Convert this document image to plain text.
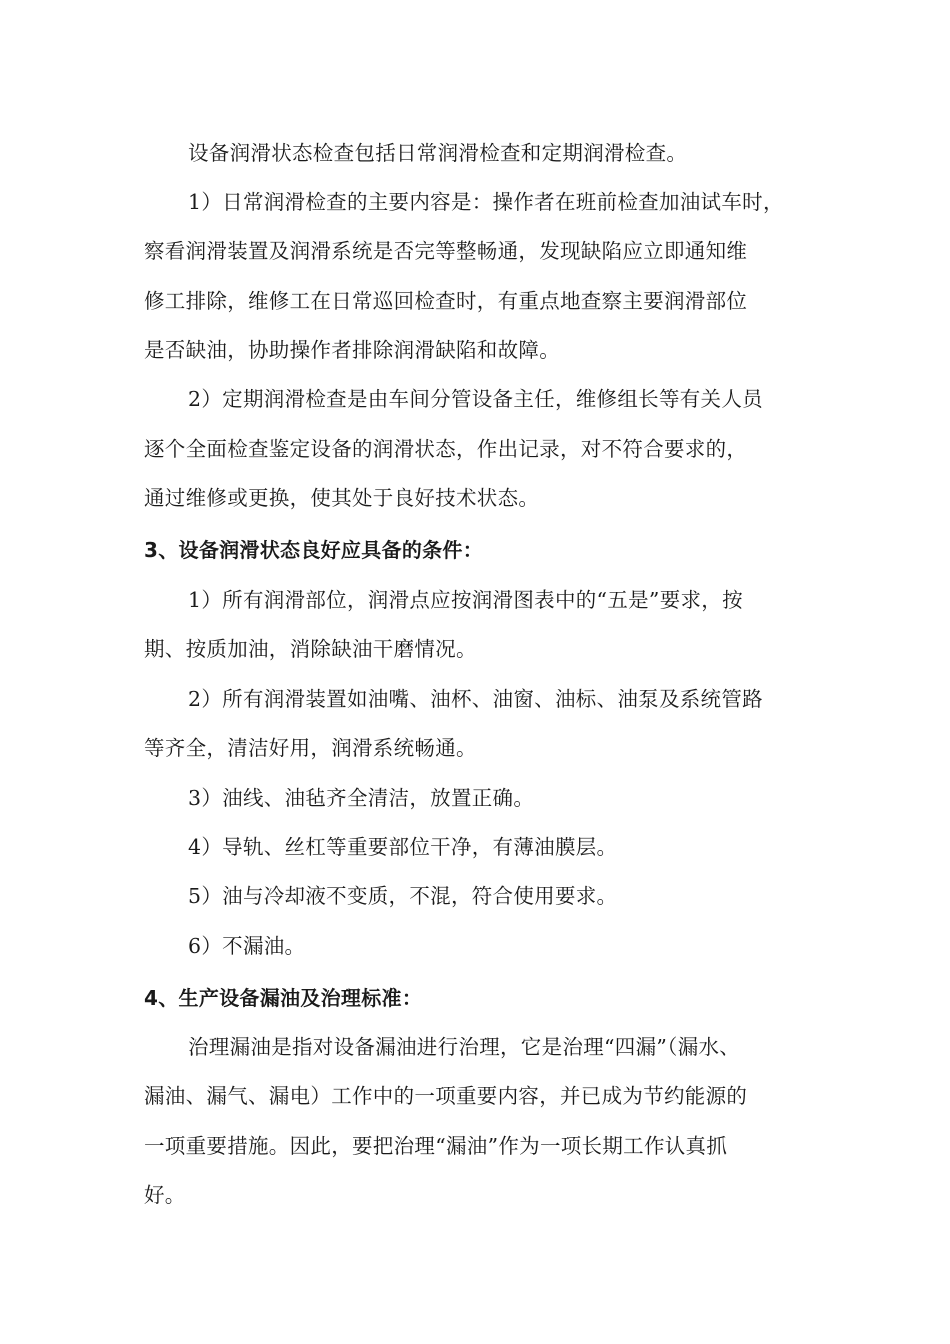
设备润滑状态检查包括日常润滑检查和定期润滑检查。
1）日常润滑检查的主要内容是：操作者在班前检查加油试车时，
察看润滑装置及润滑系统是否完等整畅通，发现缺陷应立即通知维
修工排除，维修工在日常巡回检查时，有重点地查察主要润滑部位
是否缺油，协助操作者排除润滑缺陷和故障。
2）定期润滑检查是由车间分管设备主任，维修组长等有关人员
逐个全面检查鉴定设备的润滑状态，作出记录，对不符合要求的，
通过维修或更换，使其处于良好技术状态。
3、设备润滑状态良好应具备的条件：
1）所有润滑部位，润滑点应按润滑图表中的“五是”要求，按
期、按质加油，消除缺油干磨情况。
2）所有润滑装置如油嘴、油杯、油窗、油标、油泵及系统管路
等齐全，清洁好用，润滑系统畅通。
3）油线、油毡齐全清洁，放置正确。
4）导轨、丝杠等重要部位干净，有薄油膜层。
5）油与冷却液不变质，不混，符合使用要求。
6）不漏油。
4、生产设备漏油及治理标准：
治理漏油是指对设备漏油进行治理，它是治理“四漏”（漏水、
漏油、漏气、漏电）工作中的一项重要内容，并已成为节约能源的
一项重要措施。因此，要把治理“漏油”作为一项长期工作认真抓
好。
